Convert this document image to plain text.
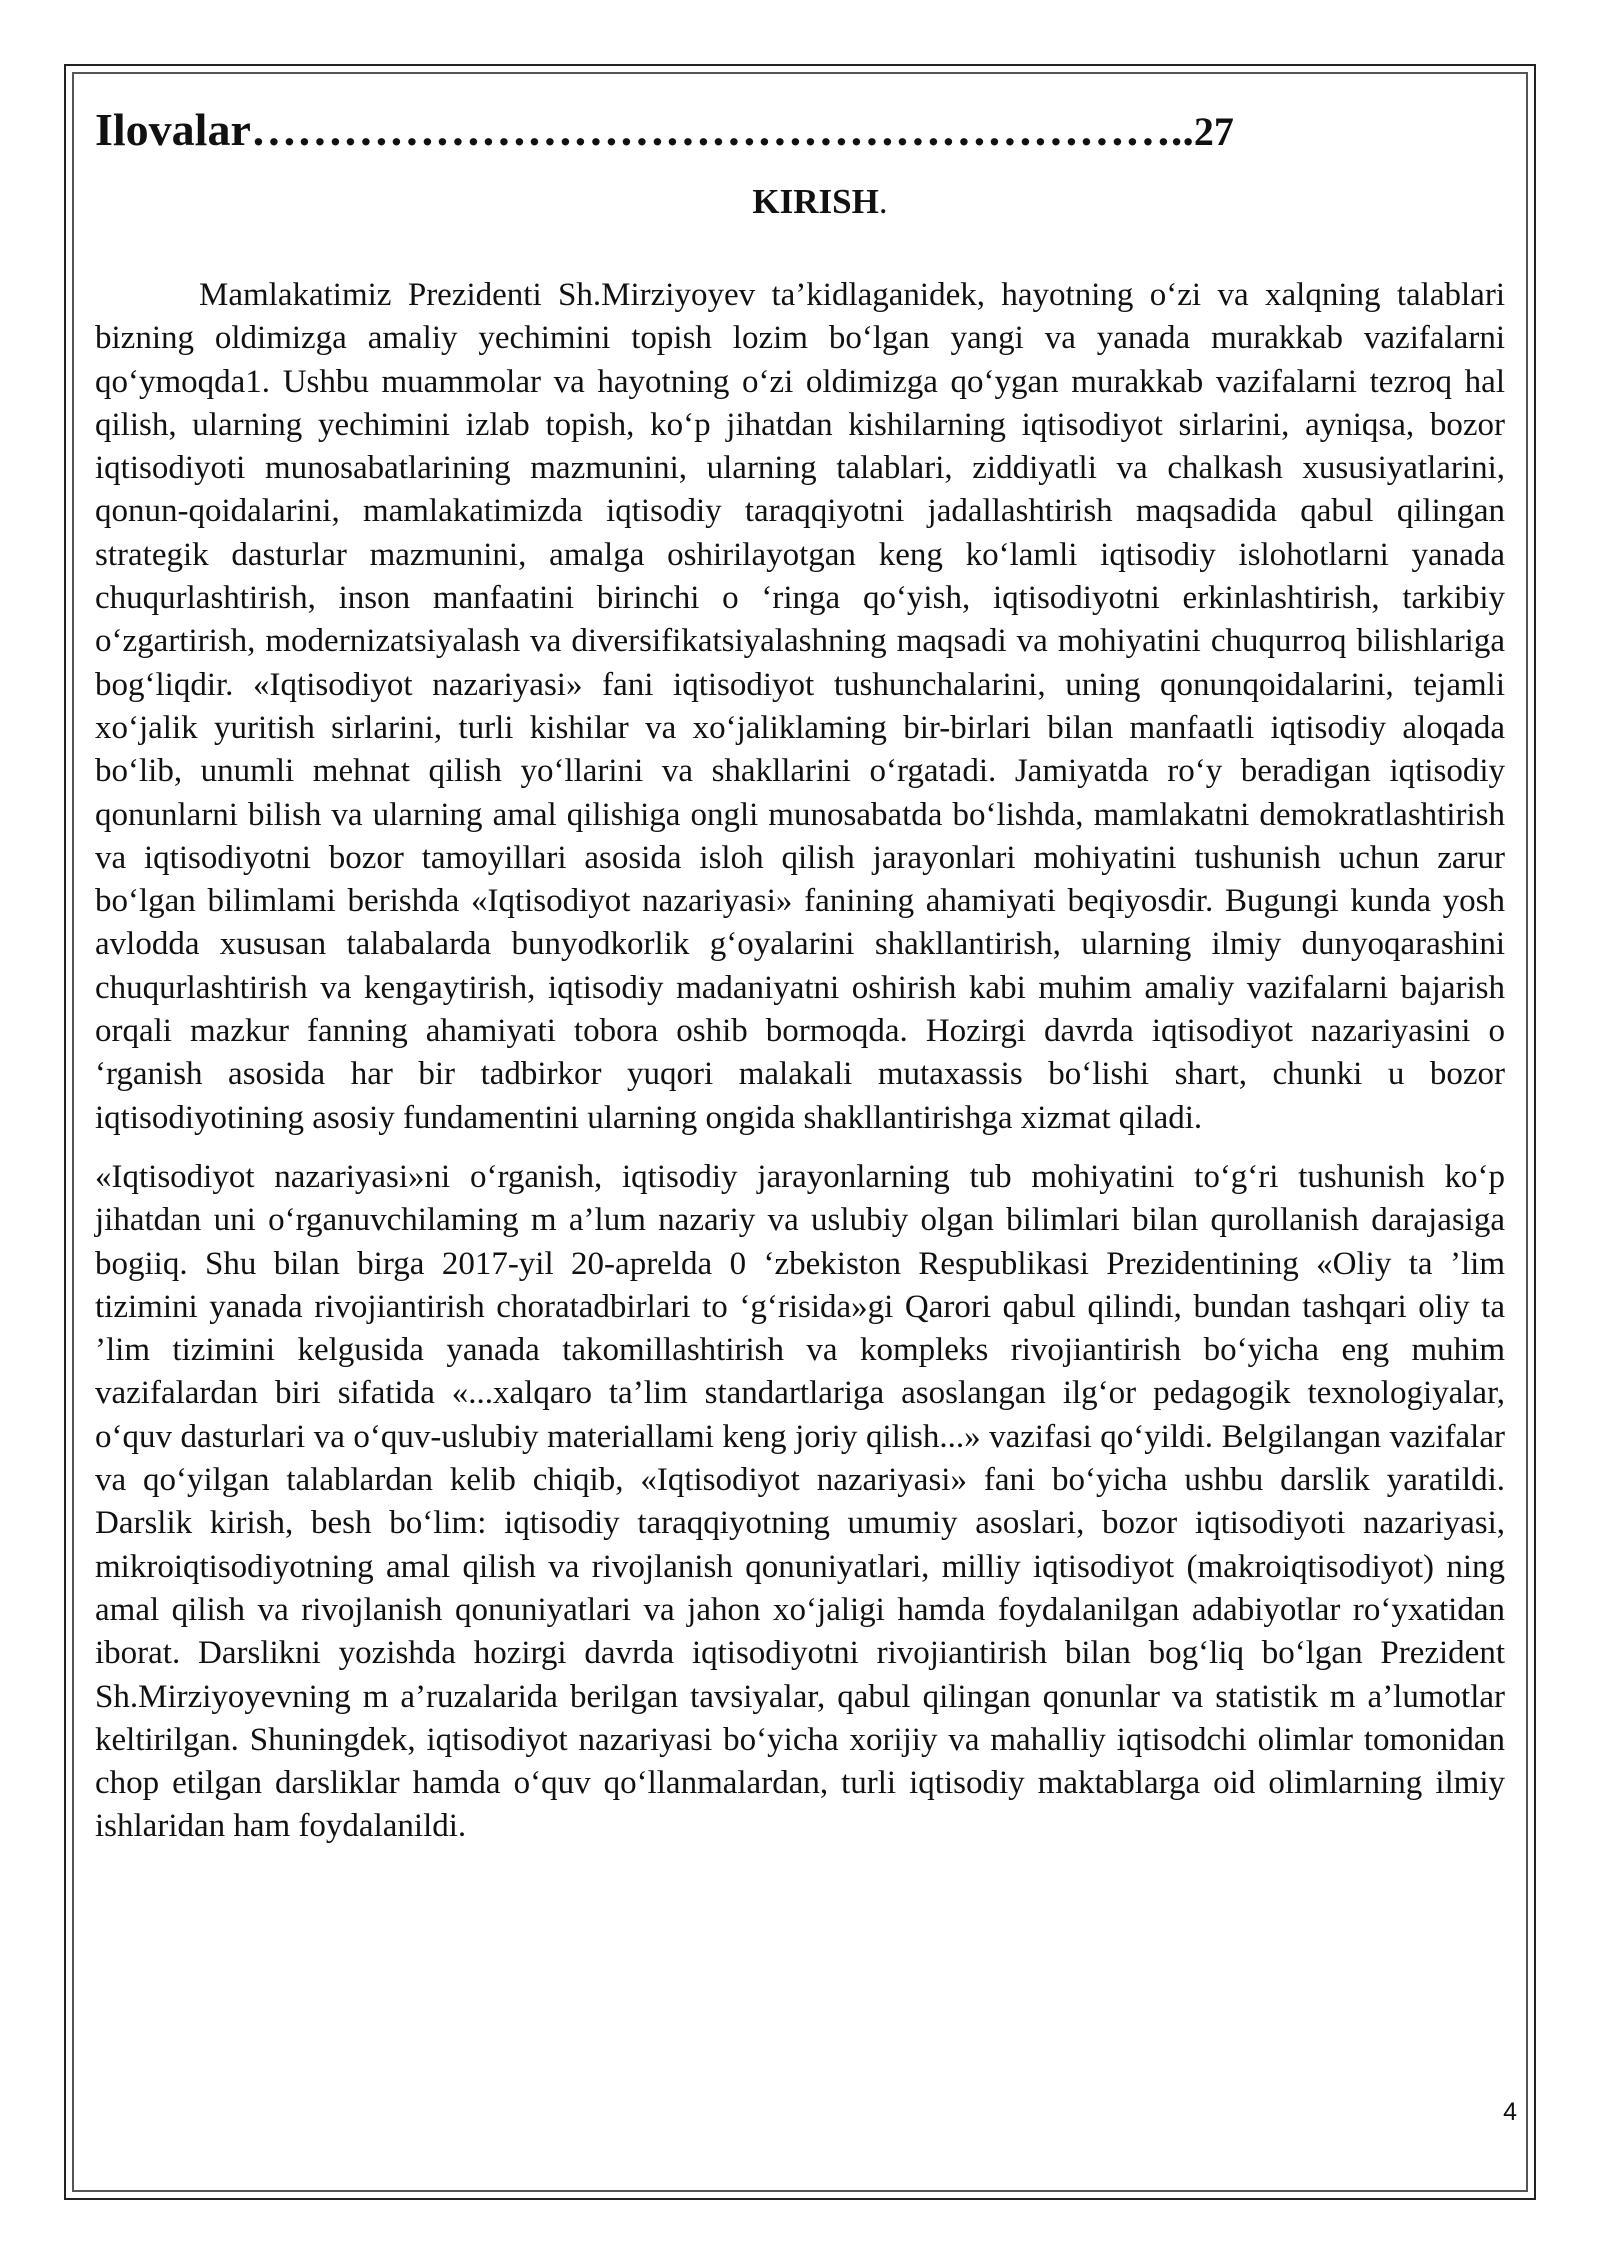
Ilovalar……………………………………………………..27
KIRISH.

Mamlakatimiz Prezidenti Sh.Mirziyoyev ta’kidlaganidek, hayotning o‘zi va xalqning talablari bizning oldimizga amaliy yechimini topish lozim bo‘lgan yangi va yanada murakkab vazifalarni qo‘ymoqda1. Ushbu muammolar va hayotning o‘zi oldimizga qo‘ygan murakkab vazifalarni tezroq hal qilish, ularning yechimini izlab topish, ko‘p jihatdan kishilarning iqtisodiyot sirlarini, ayniqsa, bozor iqtisodiyoti munosabatlarining mazmunini, ularning talablari, ziddiyatli va chalkash xususiyatlarini, qonun-qoidalarini, mamlakatimizda iqtisodiy taraqqiyotni jadallashtirish maqsadida qabul qilingan strategik dasturlar mazmunini, amalga oshirilayotgan keng ko‘lamli iqtisodiy islohotlarni yanada chuqurlashtirish, inson manfaatini birinchi o ‘ringa qo‘yish, iqtisodiyotni erkinlashtirish, tarkibiy o‘zgartirish, modernizatsiyalash va diversifikatsiyalashning maqsadi va mohiyatini chuqurroq bilishlariga bog‘liqdir. «Iqtisodiyot nazariyasi» fani iqtisodiyot tushunchalarini, uning qonunqoidalarini, tejamli xo‘jalik yuritish sirlarini, turli kishilar va xo‘jaliklaming bir-birlari bilan manfaatli iqtisodiy aloqada bo‘lib, unumli mehnat qilish yo‘llarini va shakllarini o‘rgatadi. Jamiyatda ro‘y beradigan iqtisodiy qonunlarni bilish va ularning amal qilishiga ongli munosabatda bo‘lishda, mamlakatni demokratlashtirish va iqtisodiyotni bozor tamoyillari asosida isloh qilish jarayonlari mohiyatini tushunish uchun zarur bo‘lgan bilimlami berishda «Iqtisodiyot nazariyasi» fanining ahamiyati beqiyosdir. Bugungi kunda yosh avlodda xususan talabalarda bunyodkorlik g‘oyalarini shakllantirish, ularning ilmiy dunyoqarashini chuqurlashtirish va kengaytirish, iqtisodiy madaniyatni oshirish kabi muhim amaliy vazifalarni bajarish orqali mazkur fanning ahamiyati tobora oshib bormoqda. Hozirgi davrda iqtisodiyot nazariyasini o ‘rganish asosida har bir tadbirkor yuqori malakali mutaxassis bo‘lishi shart, chunki u bozor iqtisodiyotining asosiy fundamentini ularning ongida shakllantirishga xizmat qiladi.

«Iqtisodiyot nazariyasi»ni o‘rganish, iqtisodiy jarayonlarning tub mohiyatini to‘g‘ri tushunish ko‘p jihatdan uni o‘rganuvchilaming m a’lum nazariy va uslubiy olgan bilimlari bilan qurollanish darajasiga bogiiq. Shu bilan birga 2017-yil 20-aprelda 0 ‘zbekiston Respublikasi Prezidentining «Oliy ta ’lim tizimini yanada rivojiantirish choratadbirlari to ‘g‘risida»gi Qarori qabul qilindi, bundan tashqari oliy ta ’lim tizimini kelgusida yanada takomillashtirish va kompleks rivojiantirish bo‘yicha eng muhim vazifalardan biri sifatida «...xalqaro ta’lim standartlariga asoslangan ilg‘or pedagogik texnologiyalar, o‘quv dasturlari va o‘quv-uslubiy materiallami keng joriy qilish...» vazifasi qo‘yildi. Belgilangan vazifalar va qo‘yilgan talablardan kelib chiqib, «Iqtisodiyot nazariyasi» fani bo‘yicha ushbu darslik yaratildi. Darslik kirish, besh bo‘lim: iqtisodiy taraqqiyotning umumiy asoslari, bozor iqtisodiyoti nazariyasi, mikroiqtisodiyotning amal qilish va rivojlanish qonuniyatlari, milliy iqtisodiyot (makroiqtisodiyot) ning amal qilish va rivojlanish qonuniyatlari va jahon xo‘jaligi hamda foydalanilgan adabiyotlar ro‘yxatidan iborat. Darslikni yozishda hozirgi davrda iqtisodiyotni rivojiantirish bilan bog‘liq bo‘lgan Prezident Sh.Mirziyoyevning m a’ruzalarida berilgan tavsiyalar, qabul qilingan qonunlar va statistik m a’lumotlar keltirilgan. Shuningdek, iqtisodiyot nazariyasi bo‘yicha xorijiy va mahalliy iqtisodchi olimlar tomonidan chop etilgan darsliklar hamda o‘quv qo‘llanmalardan, turli iqtisodiy maktablarga oid olimlarning ilmiy ishlaridan ham foydalanildi.

4
